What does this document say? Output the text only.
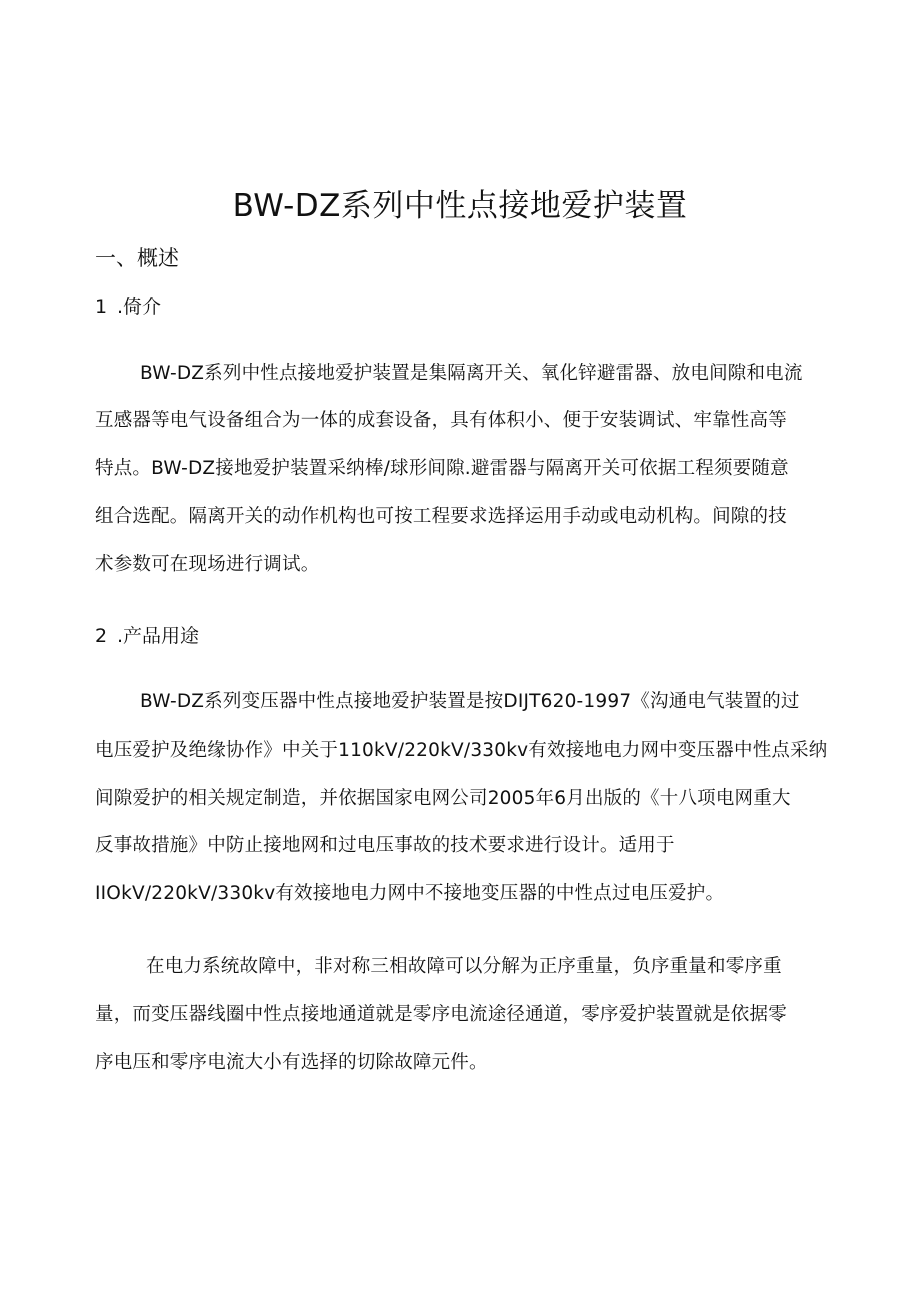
BW-DZ系列中性点接地爱护装置
一、概述
1 .倚介
BW-DZ系列中性点接地爱护装置是集隔离开关、氧化锌避雷器、放电间隙和电流
互感器等电气设备组合为一体的成套设备，具有体积小、便于安装调试、牢靠性高等
特点。BW-DZ接地爱护装置采纳棒/球形间隙.避雷器与隔离开关可依据工程须要随意
组合选配。隔离开关的动作机构也可按工程要求选择运用手动或电动机构。间隙的技
术参数可在现场进行调试。
2 .产品用途
BW-DZ系列变压器中性点接地爱护装置是按DIJT620-1997《沟通电气装置的过
电压爱护及绝缘协作》中关于110kV∕220kV∕330kv有效接地电力网中变压器中性点采纳
间隙爱护的相关规定制造，并依据国家电网公司2005年6月出版的《十八项电网重大
反事故措施》中防止接地网和过电压事故的技术要求进行设计。适用于
IIOkV∕220kV∕330kv有效接地电力网中不接地变压器的中性点过电压爱护。
在电力系统故障中，非对称三相故障可以分解为正序重量，负序重量和零序重
量，而变压器线圈中性点接地通道就是零序电流途径通道，零序爱护装置就是依据零
序电压和零序电流大小有选择的切除故障元件。
